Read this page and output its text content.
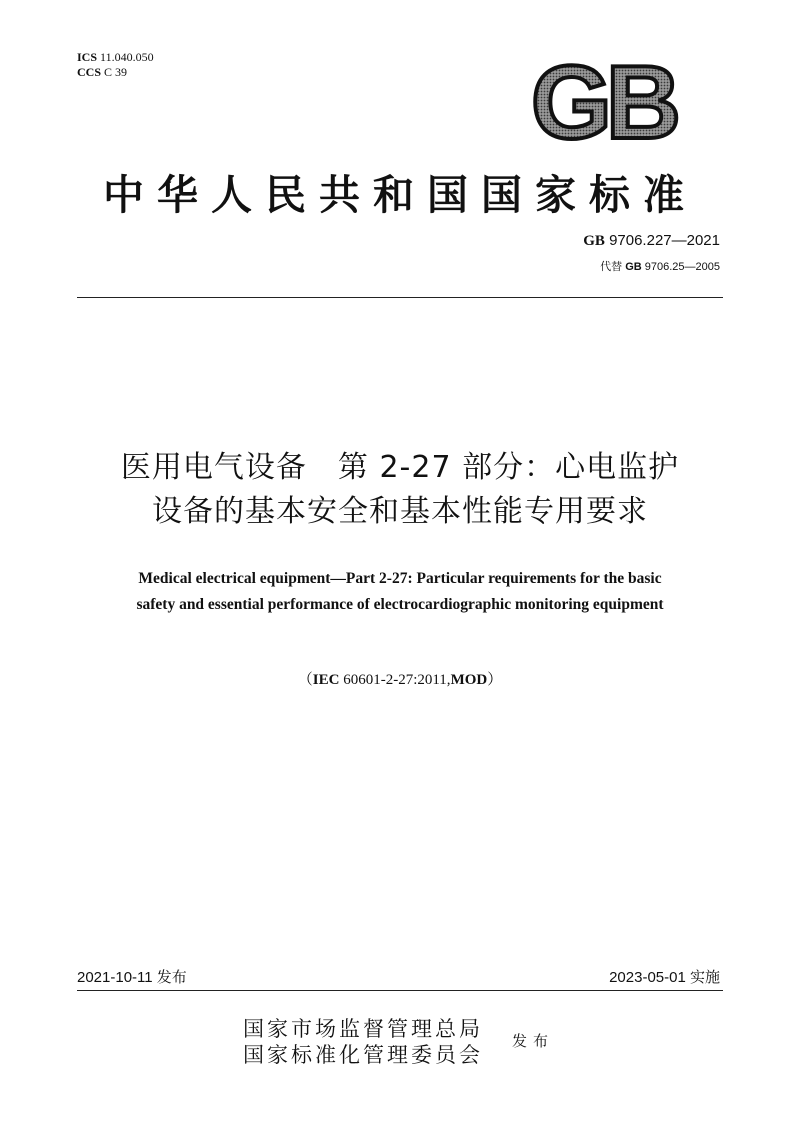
ICS 11.040.050
CCS C 39	GB
中华人民共和国国家标准
GB 9706.227—2021
代替 GB 9706.25—2005
医用电气设备　第 2-27 部分：心电监护
设备的基本安全和基本性能专用要求
Medical electrical equipment—Part 2-27: Particular requirements for the basic
safety and essential performance of electrocardiographic monitoring equipment
（IEC 60601-2-27:2011,MOD）
2021-10-11 发布	2023-05-01 实施
国家市场监督管理总局
国家标准化管理委员会
发布
